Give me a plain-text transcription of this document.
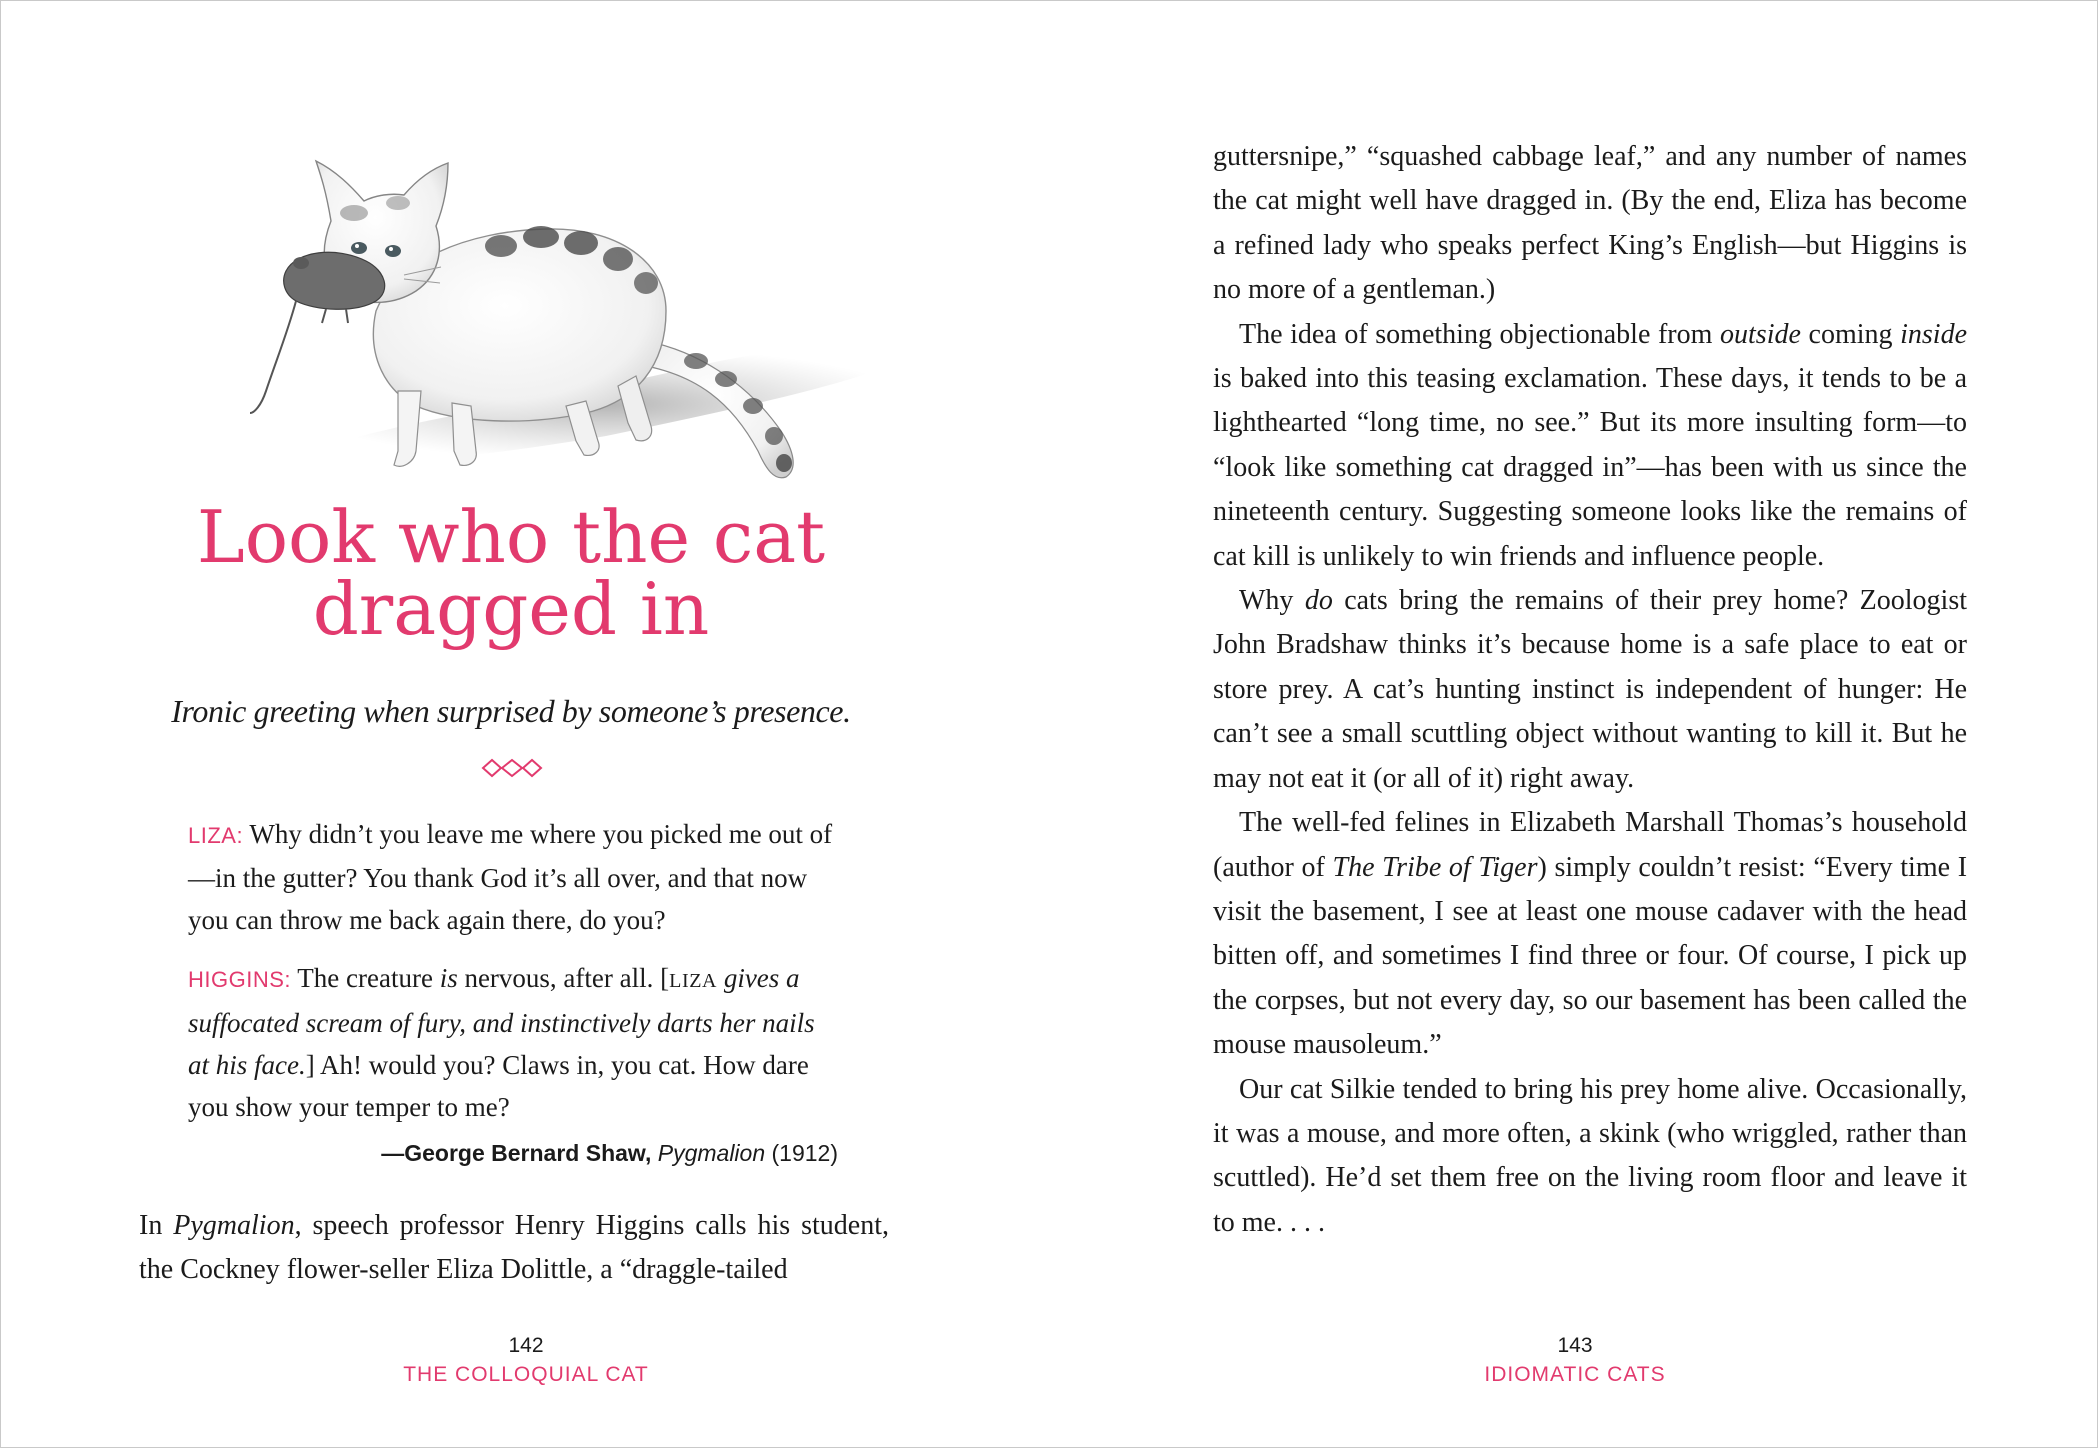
Look who the cat
dragged in
Ironic greeting when surprised by someone’s presence.

LIZA: Why didn’t you leave me where you picked me out of—in the gutter? You thank God it’s all over, and that now you can throw me back again there, do you?

HIGGINS: The creature is nervous, after all. [LIZA gives a suffocated scream of fury, and instinctively darts her nails at his face.] Ah! would you? Claws in, you cat. How dare you show your temper to me?

—George Bernard Shaw, Pygmalion (1912)

In Pygmalion, speech professor Henry Higgins calls his student, the Cockney flower-seller Eliza Dolittle, a “draggle-tailed

142
THE COLLOQUIAL CAT

guttersnipe,” “squashed cabbage leaf,” and any number of names the cat might well have dragged in. (By the end, Eliza has become a refined lady who speaks perfect King’s English—but Higgins is no more of a gentleman.)

The idea of something objectionable from outside coming inside is baked into this teasing exclamation. These days, it tends to be a lighthearted “long time, no see.” But its more insulting form—to “look like something cat dragged in”—has been with us since the nineteenth century. Suggesting someone looks like the remains of cat kill is unlikely to win friends and influence people.

Why do cats bring the remains of their prey home? Zoologist John Bradshaw thinks it’s because home is a safe place to eat or store prey. A cat’s hunting instinct is independent of hunger: He can’t see a small scuttling object without wanting to kill it. But he may not eat it (or all of it) right away.

The well-fed felines in Elizabeth Marshall Thomas’s household (author of The Tribe of Tiger) simply couldn’t resist: “Every time I visit the basement, I see at least one mouse cadaver with the head bitten off, and sometimes I find three or four. Of course, I pick up the corpses, but not every day, so our basement has been called the mouse mausoleum.”

Our cat Silkie tended to bring his prey home alive. Occasionally, it was a mouse, and more often, a skink (who wriggled, rather than scuttled). He’d set them free on the living room floor and leave it to me. . . .

143
IDIOMATIC CATS
